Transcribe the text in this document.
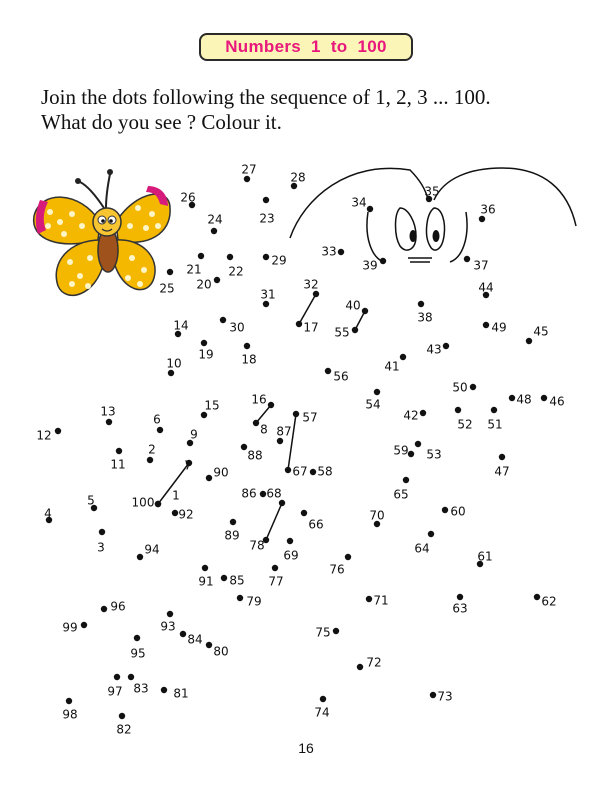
Numbers  1  to  100
Join the dots following the sequence of 1, 2, 3 ... 100.
What do you see ? Colour it.
1
2
3
4
5
6
7
8
9
10
11
12
13
14
15	16
17
18
19
20
21 22
23
24
25
26
27
28
29
30
31
32
33
34
35
36
37
38
39
40
41
42
43
44
45
46
47
48
49
50
51
52
53
54
55
56
57
58
59
60
61
62
63
64
65
66
67
68
69
70
71
72
73
74
75
76
77
78
79
80
81
82
83
84
85
86
87
88
89
90
91
92
93
94
95
96
97
98
99
100
16
